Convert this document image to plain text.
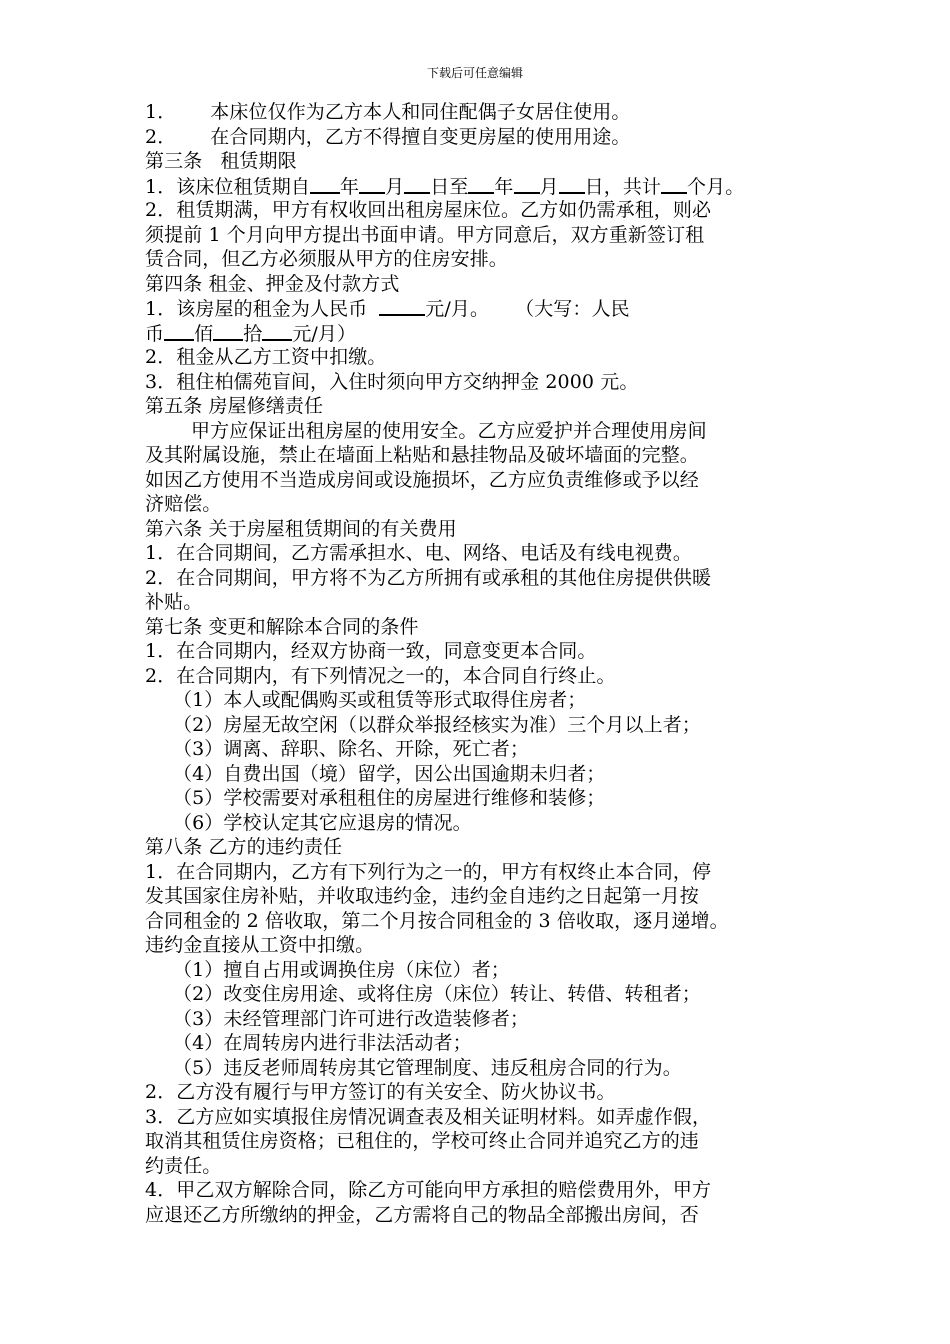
下载后可任意编辑
1． 本床位仅作为乙方本人和同住配偶子女居住使用。
2． 在合同期内，乙方不得擅自变更房屋的使用用途。
第三条 租赁期限
1．该床位租赁期自 年 月 日至 年 月 日，共计 个月。
2．租赁期满，甲方有权收回出租房屋床位。乙方如仍需承租，则必
须提前 1 个月向甲方提出书面申请。甲方同意后，双方重新签订租
赁合同，但乙方必须服从甲方的住房安排。
第四条 租金、押金及付款方式
1．该房屋的租金为人民币	元/月。 （大写：人民
币 佰 拾 元/月）
2．租金从乙方工资中扣缴。
3．租住柏儒苑盲间，入住时须向甲方交纳押金 2000 元。
第五条 房屋修缮责任
甲方应保证出租房屋的使用安全。乙方应爱护并合理使用房间
及其附属设施，禁止在墙面上粘贴和悬挂物品及破坏墙面的完整。
如因乙方使用不当造成房间或设施损坏，乙方应负责维修或予以经
济赔偿。
第六条 关于房屋租赁期间的有关费用
1．在合同期间，乙方需承担水、电、网络、电话及有线电视费。
2．在合同期间，甲方将不为乙方所拥有或承租的其他住房提供供暖
补贴。
第七条 变更和解除本合同的条件
1．在合同期内，经双方协商一致，同意变更本合同。
2．在合同期内，有下列情况之一的，本合同自行终止。
（1）本人或配偶购买或租赁等形式取得住房者；
（2）房屋无故空闲（以群众举报经核实为准）三个月以上者；
（3）调离、辞职、除名、开除，死亡者；
（4）自费出国（境）留学，因公出国逾期未归者；
（5）学校需要对承租租住的房屋进行维修和装修；
（6）学校认定其它应退房的情况。
第八条 乙方的违约责任
1．在合同期内，乙方有下列行为之一的，甲方有权终止本合同，停
发其国家住房补贴，并收取违约金，违约金自违约之日起第一月按
合同租金的 2 倍收取，第二个月按合同租金的 3 倍收取，逐月递增。
违约金直接从工资中扣缴。
（1）擅自占用或调换住房（床位）者；
（2）改变住房用途、或将住房（床位）转让、转借、转租者；
（3）未经管理部门许可进行改造装修者；
（4）在周转房内进行非法活动者；
（5）违反老师周转房其它管理制度、违反租房合同的行为。
2．乙方没有履行与甲方签订的有关安全、防火协议书。
3．乙方应如实填报住房情况调查表及相关证明材料。如弄虚作假，
取消其租赁住房资格；已租住的，学校可终止合同并追究乙方的违
约责任。
4．甲乙双方解除合同，除乙方可能向甲方承担的赔偿费用外，甲方
应退还乙方所缴纳的押金，乙方需将自己的物品全部搬出房间，否
